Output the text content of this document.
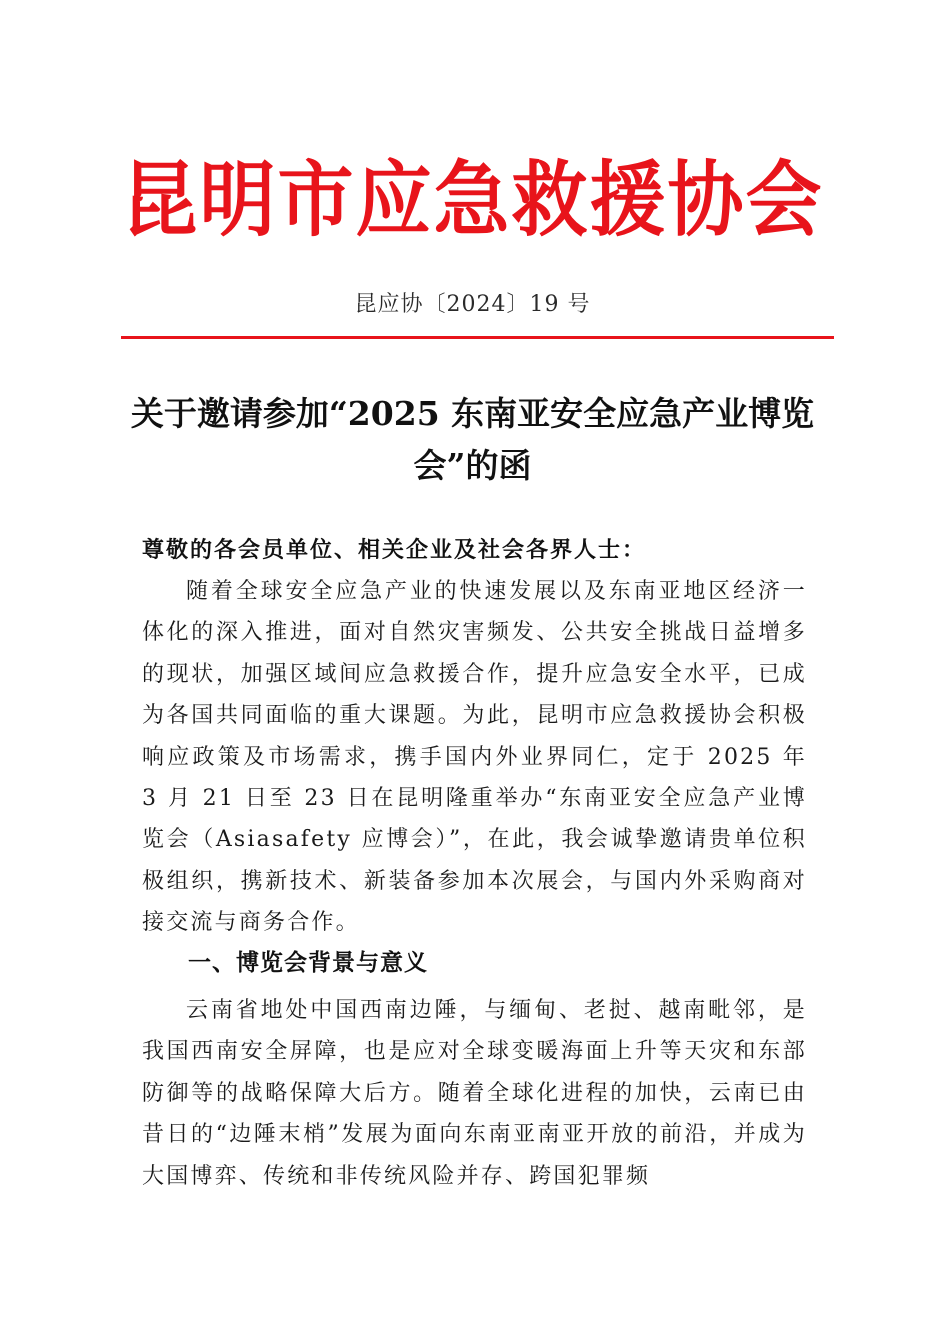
昆明市应急救援协会
昆应协〔2024〕19 号
关于邀请参加“2025 东南亚安全应急产业博览会”的函
尊敬的各会员单位、相关企业及社会各界人士：
随着全球安全应急产业的快速发展以及东南亚地区经济一体化的深入推进，面对自然灾害频发、公共安全挑战日益增多的现状，加强区域间应急救援合作，提升应急安全水平，已成为各国共同面临的重大课题。为此，昆明市应急救援协会积极响应政策及市场需求，携手国内外业界同仁，定于 2025 年 3 月 21 日至 23 日在昆明隆重举办“东南亚安全应急产业博览会（Asiasafety 应博会）”，在此，我会诚挚邀请贵单位积极组织，携新技术、新装备参加本次展会，与国内外采购商对接交流与商务合作。
一、博览会背景与意义
云南省地处中国西南边陲，与缅甸、老挝、越南毗邻，是我国西南安全屏障，也是应对全球变暖海面上升等天灾和东部防御等的战略保障大后方。随着全球化进程的加快，云南已由昔日的“边陲末梢”发展为面向东南亚南亚开放的前沿，并成为大国博弈、传统和非传统风险并存、跨国犯罪频
